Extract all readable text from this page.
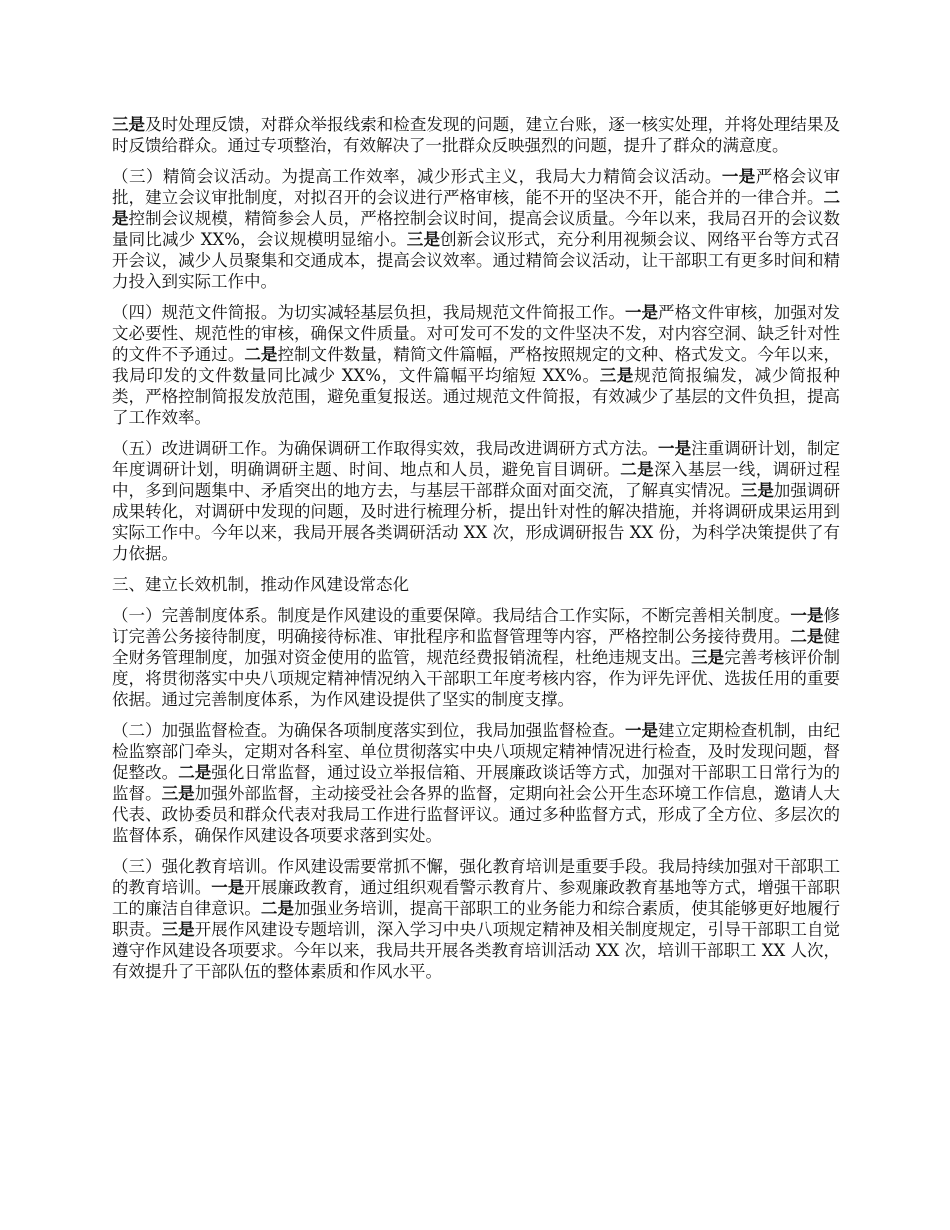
三是及时处理反馈，对群众举报线索和检查发现的问题，建立台账，逐一核实处理，并将处理结果及时反馈给群众。通过专项整治，有效解决了一批群众反映强烈的问题，提升了群众的满意度。

（三）精简会议活动。为提高工作效率，减少形式主义，我局大力精简会议活动。一是严格会议审批，建立会议审批制度，对拟召开的会议进行严格审核，能不开的坚决不开，能合并的一律合并。二是控制会议规模，精简参会人员，严格控制会议时间，提高会议质量。今年以来，我局召开的会议数量同比减少 XX%，会议规模明显缩小。三是创新会议形式，充分利用视频会议、网络平台等方式召开会议，减少人员聚集和交通成本，提高会议效率。通过精简会议活动，让干部职工有更多时间和精力投入到实际工作中。

（四）规范文件简报。为切实减轻基层负担，我局规范文件简报工作。一是严格文件审核，加强对发文必要性、规范性的审核，确保文件质量。对可发可不发的文件坚决不发，对内容空洞、缺乏针对性的文件不予通过。二是控制文件数量，精简文件篇幅，严格按照规定的文种、格式发文。今年以来，我局印发的文件数量同比减少 XX%，文件篇幅平均缩短 XX%。三是规范简报编发，减少简报种类，严格控制简报发放范围，避免重复报送。通过规范文件简报，有效减少了基层的文件负担，提高了工作效率。

（五）改进调研工作。为确保调研工作取得实效，我局改进调研方式方法。一是注重调研计划，制定年度调研计划，明确调研主题、时间、地点和人员，避免盲目调研。二是深入基层一线，调研过程中，多到问题集中、矛盾突出的地方去，与基层干部群众面对面交流，了解真实情况。三是加强调研成果转化，对调研中发现的问题，及时进行梳理分析，提出针对性的解决措施，并将调研成果运用到实际工作中。今年以来，我局开展各类调研活动 XX 次，形成调研报告 XX 份，为科学决策提供了有力依据。

三、建立长效机制，推动作风建设常态化

（一）完善制度体系。制度是作风建设的重要保障。我局结合工作实际，不断完善相关制度。一是修订完善公务接待制度，明确接待标准、审批程序和监督管理等内容，严格控制公务接待费用。二是健全财务管理制度，加强对资金使用的监管，规范经费报销流程，杜绝违规支出。三是完善考核评价制度，将贯彻落实中央八项规定精神情况纳入干部职工年度考核内容，作为评先评优、选拔任用的重要依据。通过完善制度体系，为作风建设提供了坚实的制度支撑。

（二）加强监督检查。为确保各项制度落实到位，我局加强监督检查。一是建立定期检查机制，由纪检监察部门牵头，定期对各科室、单位贯彻落实中央八项规定精神情况进行检查，及时发现问题，督促整改。二是强化日常监督，通过设立举报信箱、开展廉政谈话等方式，加强对干部职工日常行为的监督。三是加强外部监督，主动接受社会各界的监督，定期向社会公开生态环境工作信息，邀请人大代表、政协委员和群众代表对我局工作进行监督评议。通过多种监督方式，形成了全方位、多层次的监督体系，确保作风建设各项要求落到实处。

（三）强化教育培训。作风建设需要常抓不懈，强化教育培训是重要手段。我局持续加强对干部职工的教育培训。一是开展廉政教育，通过组织观看警示教育片、参观廉政教育基地等方式，增强干部职工的廉洁自律意识。二是加强业务培训，提高干部职工的业务能力和综合素质，使其能够更好地履行职责。三是开展作风建设专题培训，深入学习中央八项规定精神及相关制度规定，引导干部职工自觉遵守作风建设各项要求。今年以来，我局共开展各类教育培训活动 XX 次，培训干部职工 XX 人次，有效提升了干部队伍的整体素质和作风水平。
